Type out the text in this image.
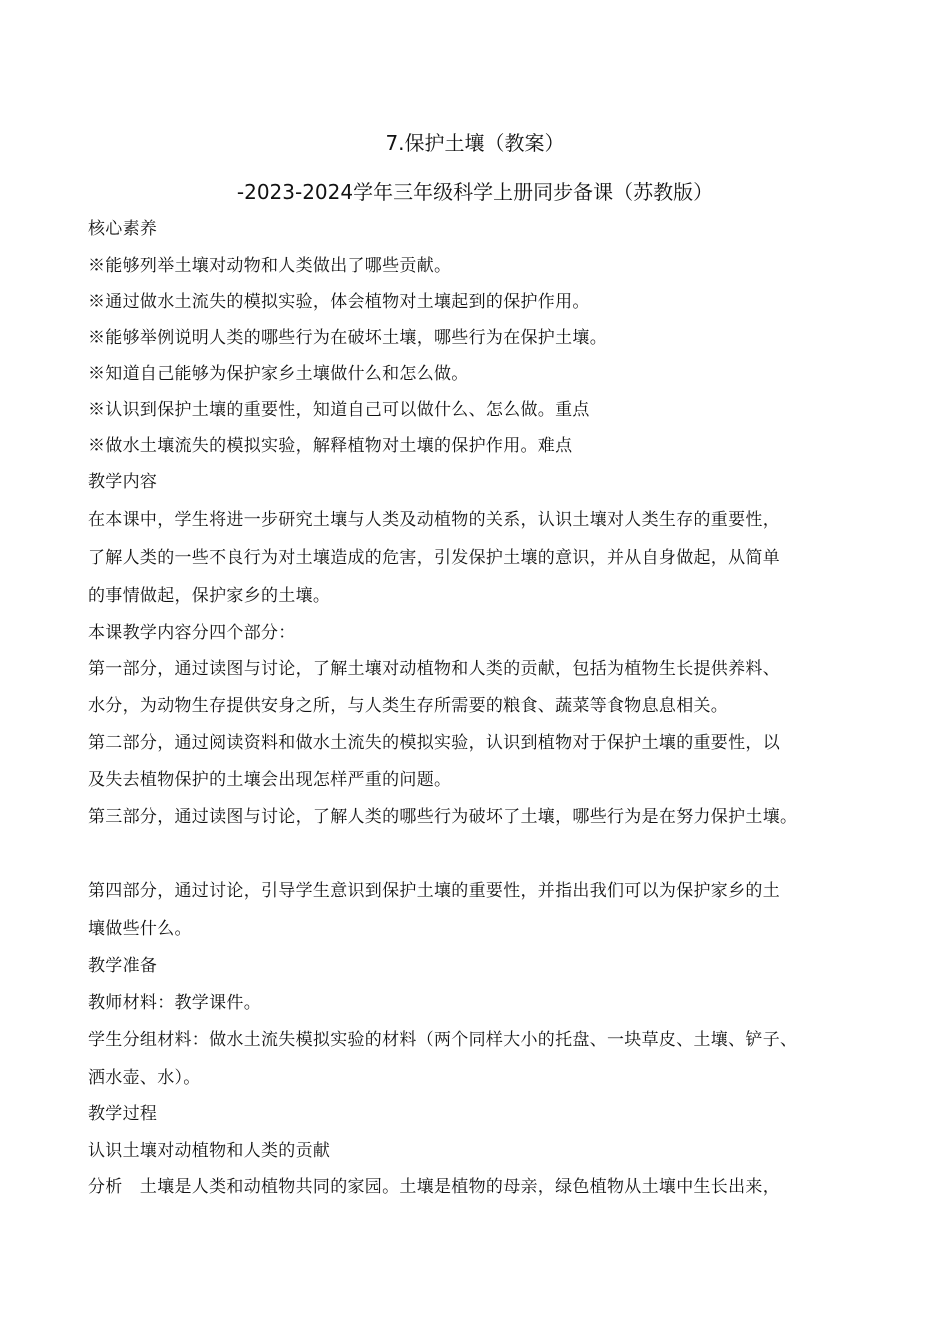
7.保护土壤（教案）
-2023-2024学年三年级科学上册同步备课（苏教版）
核心素养
※能够列举土壤对动物和人类做出了哪些贡献。
※通过做水土流失的模拟实验，体会植物对土壤起到的保护作用。
※能够举例说明人类的哪些行为在破坏土壤，哪些行为在保护土壤。
※知道自己能够为保护家乡土壤做什么和怎么做。
※认识到保护土壤的重要性，知道自己可以做什么、怎么做。重点
※做水土壤流失的模拟实验，解释植物对土壤的保护作用。难点
教学内容
在本课中，学生将进一步研究土壤与人类及动植物的关系，认识土壤对人类生存的重要性，
了解人类的一些不良行为对土壤造成的危害，引发保护土壤的意识，并从自身做起，从简单
的事情做起，保护家乡的土壤。
本课教学内容分四个部分：
第一部分，通过读图与讨论，了解土壤对动植物和人类的贡献，包括为植物生长提供养料、
水分，为动物生存提供安身之所，与人类生存所需要的粮食、蔬菜等食物息息相关。
第二部分，通过阅读资料和做水土流失的模拟实验，认识到植物对于保护土壤的重要性，以
及失去植物保护的土壤会出现怎样严重的问题。
第三部分，通过读图与讨论，了解人类的哪些行为破坏了土壤，哪些行为是在努力保护土壤。
第四部分，通过讨论，引导学生意识到保护土壤的重要性，并指出我们可以为保护家乡的土
壤做些什么。
教学准备
教师材料：教学课件。
学生分组材料：做水土流失模拟实验的材料（两个同样大小的托盘、一块草皮、土壤、铲子、
洒水壶、水）。
教学过程
认识土壤对动植物和人类的贡献
分析　土壤是人类和动植物共同的家园。土壤是植物的母亲，绿色植物从土壤中生长出来，
